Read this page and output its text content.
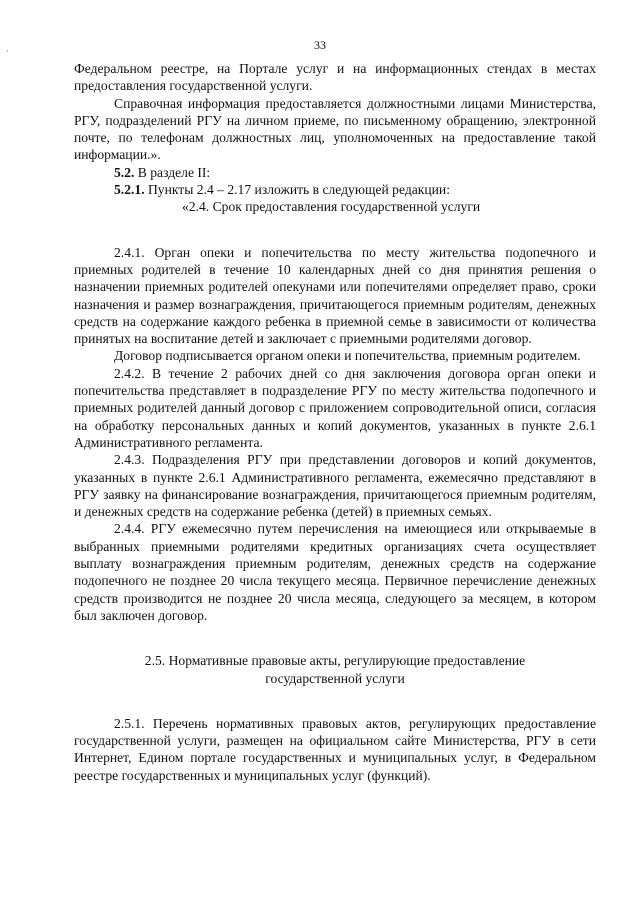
·	33

Федеральном реестре, на Портале услуг и на информационных стендах в местах предоставления государственной услуги.

Справочная информация предоставляется должностными лицами Министерства, РГУ, подразделений РГУ на личном приеме, по письменному обращению, электронной почте, по телефонам должностных лиц, уполномоченных на предоставление такой информации.».

5.2. В разделе II:

5.2.1. Пункты 2.4 – 2.17 изложить в следующей редакции:

«2.4. Срок предоставления государственной услуги

2.4.1. Орган опеки и попечительства по месту жительства подопечного и приемных родителей в течение 10 календарных дней со дня принятия решения о назначении приемных родителей опекунами или попечителями определяет право, сроки назначения и размер вознаграждения, причитающегося приемным родителям, денежных средств на содержание каждого ребенка в приемной семье в зависимости от количества принятых на воспитание детей и заключает с приемными родителями договор.

Договор подписывается органом опеки и попечительства, приемным родителем.

2.4.2. В течение 2 рабочих дней со дня заключения договора орган опеки и попечительства представляет в подразделение РГУ по месту жительства подопечного и приемных родителей данный договор с приложением сопроводительной описи, согласия на обработку персональных данных и копий документов, указанных в пункте 2.6.1 Административного регламента.

2.4.3. Подразделения РГУ при представлении договоров и копий документов, указанных в пункте 2.6.1 Административного регламента, ежемесячно представляют в РГУ заявку на финансирование вознаграждения, причитающегося приемным родителям, и денежных средств на содержание ребенка (детей) в приемных семьях.

2.4.4. РГУ ежемесячно путем перечисления на имеющиеся или открываемые в выбранных приемными родителями кредитных организациях счета осуществляет выплату вознаграждения приемным родителям, денежных средств на содержание подопечного не позднее 20 числа текущего месяца. Первичное перечисление денежных средств производится не позднее 20 числа месяца, следующего за месяцем, в котором был заключен договор.

2.5. Нормативные правовые акты, регулирующие предоставление государственной услуги

2.5.1. Перечень нормативных правовых актов, регулирующих предоставление государственной услуги, размещен на официальном сайте Министерства, РГУ в сети Интернет, Едином портале государственных и муниципальных услуг, в Федеральном реестре государственных и муниципальных услуг (функций).
